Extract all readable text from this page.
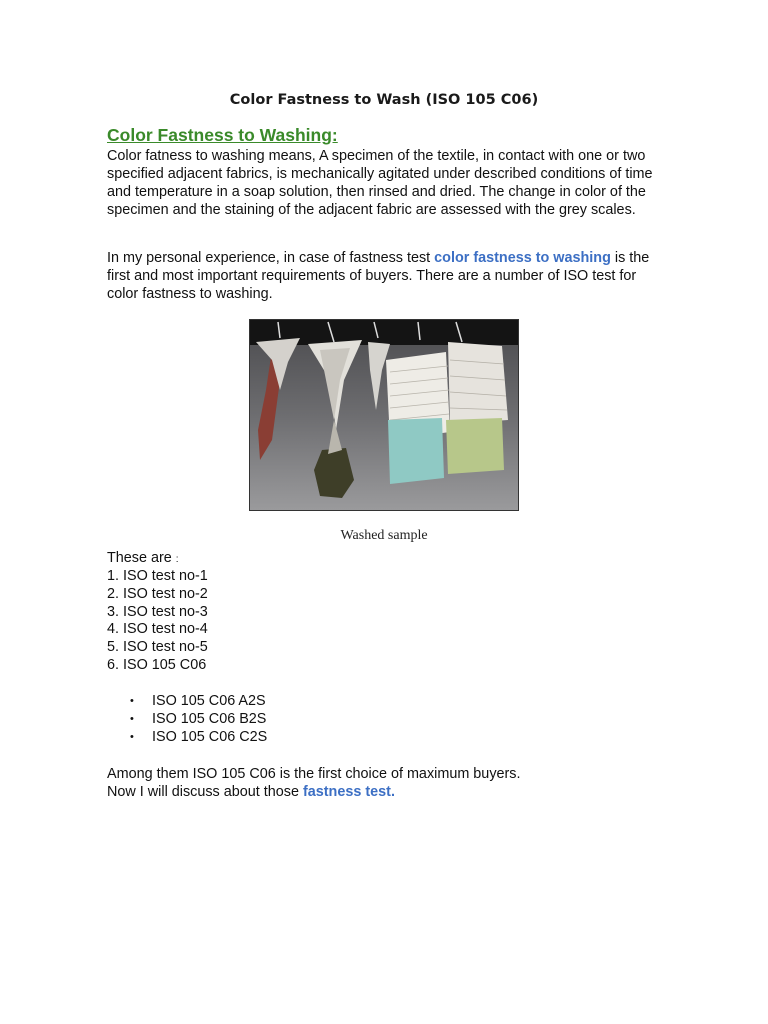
Color Fastness to Wash (ISO 105 C06)
Color Fastness to Washing:
Color fatness to washing means, A specimen of the textile, in contact with one or two specified adjacent fabrics, is mechanically agitated under described conditions of time and temperature in a soap solution, then rinsed and dried. The change in color of the specimen and the staining of the adjacent fabric are assessed with the grey scales.
In my personal experience, in case of fastness test color fastness to washing is the first and most important requirements of buyers. There are a number of ISO test for color fastness to washing.
Washed sample
These are :
1. ISO test no-1
2. ISO test no-2
3. ISO test no-3
4. ISO test no-4
5. ISO test no-5
6. ISO 105 C06
•	ISO 105 C06 A2S
•	ISO 105 C06 B2S
•	ISO 105 C06 C2S
Among them ISO 105 C06 is the first choice of maximum buyers.
Now I will discuss about those fastness test.
